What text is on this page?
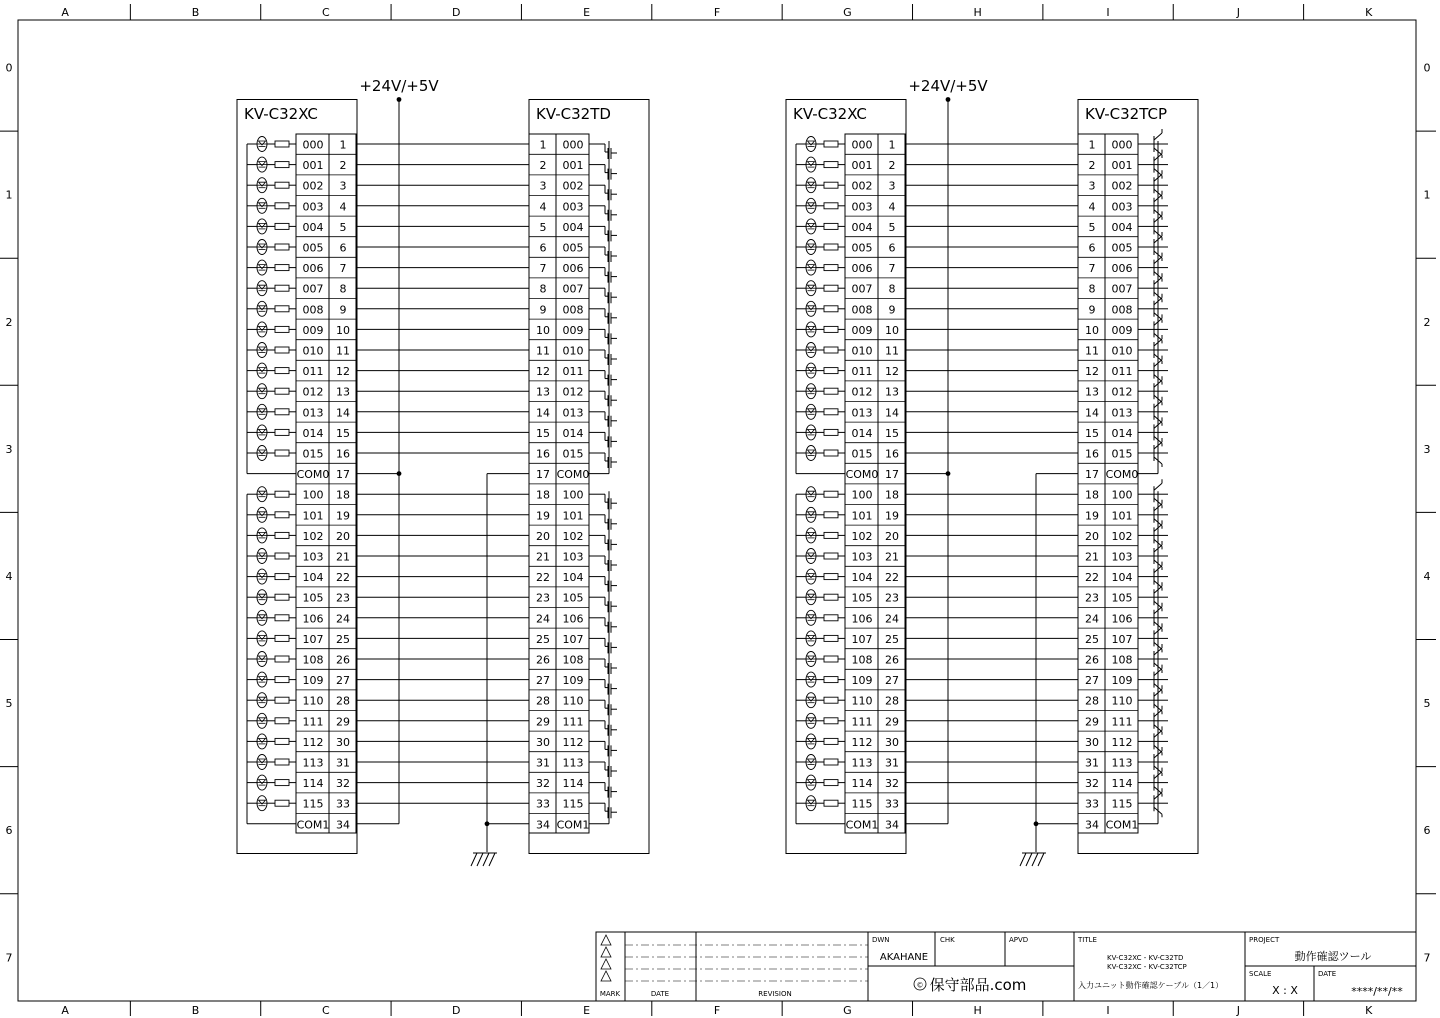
A
A
B
B
C
C
D
D
E
E
F
F
G
G
H
H
I
I
J
J
K
K
0	0
1	1
2	2
3	3
4	4
5	5
6	6
7	7
+24V/+5V
KV-C32XC	KV-C32TD
000 1	1 000
001 2	2 001
002 3	3 002
003 4	4 003
004 5	5 004
005 6	6 005
006 7	7 006
007 8	8 007
008 9	9 008
009 10	10 009
010 11	11 010
011 12	12 011
012 13	13 012
013 14	14 013
014 15	15 014
015 16	16 015
COM0 17	17 COM0
100 18	18 100
101 19	19 101
102 20	20 102
103 21	21 103
104 22	22 104
105 23	23 105
106 24	24 106
107 25	25 107
108 26	26 108
109 27	27 109
110 28	28 110
111 29	29 111
112 30	30 112
113 31	31 113
114 32	32 114
115 33	33 115
COM1 34	34 COM1
+24V/+5V
KV-C32XC	KV-C32TCP
000 1	1 000
001 2	2 001
002 3	3 002
003 4	4 003
004 5	5 004
005 6	6 005
006 7	7 006
007 8	8 007
008 9	9 008
009 10	10 009
010 11	11 010
011 12	12 011
012 13	13 012
013 14	14 013
014 15	15 014
015 16	16 015
COM0 17	17 COM0
100 18	18 100
101 19	19 101
102 20	20 102
103 21	21 103
104 22	22 104
105 23	23 105
106 24	24 106
107 25	25 107
108 26	26 108
109 27	27 109
110 28	28 110
111 29	29 111
112 30	30 112
113 31	31 113
114 32	32 114
115 33	33 115
COM1 34	34 COM1
MARK	DATE	REVISION
DWN	CHK	APVD
AKAHANE
© 保守部品.com
TITLE
KV-C32XC - KV-C32TD
KV-C32XC - KV-C32TCP
入力ユニット動作確認ケーブル（1／1）
PROJECT
動作確認ツール
SCALE
X : X
DATE
****/**/**
